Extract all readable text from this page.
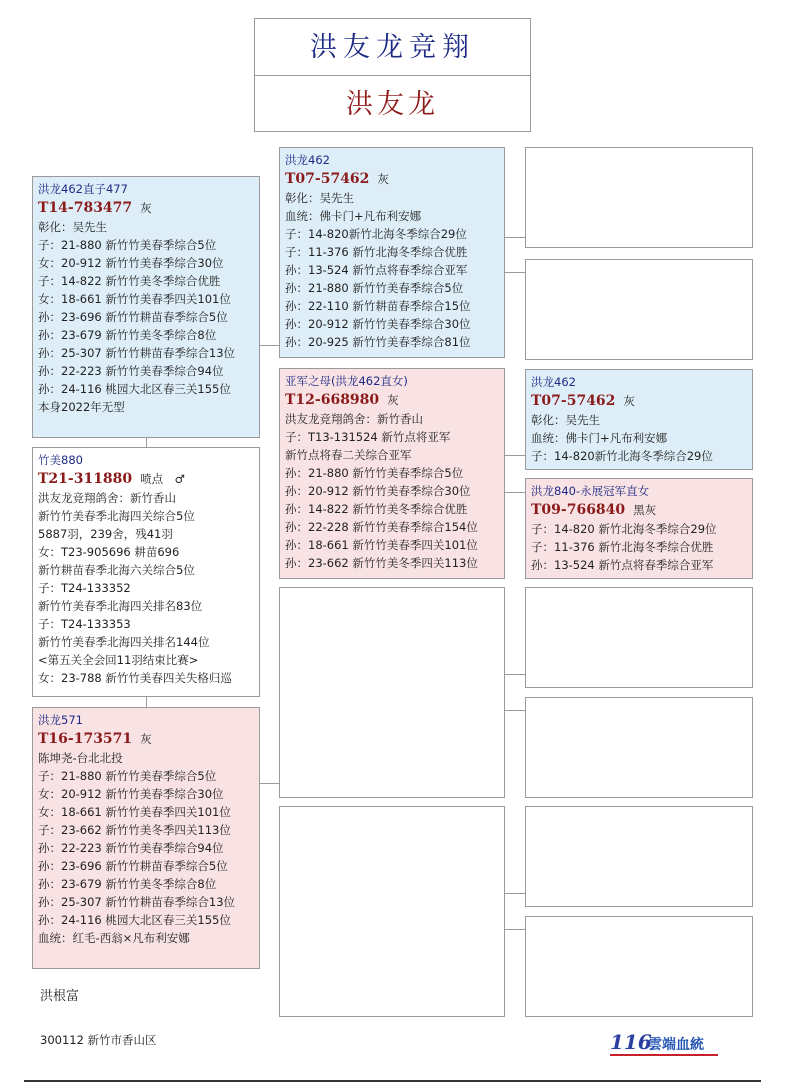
洪友龙竞翔
洪友龙
洪龙462直子477
T14-783477 灰
彰化：吴先生
子：21-880 新竹竹美春季综合5位
女：20-912 新竹竹美春季综合30位
子：14-822 新竹竹美冬季综合优胜
女：18-661 新竹竹美春季四关101位
孙：23-696 新竹竹耕苗春季综合5位
孙：23-679 新竹竹美冬季综合8位
孙：25-307 新竹竹耕苗春季综合13位
孙：22-223 新竹竹美春季综合94位
孙：24-116 桃园大北区春三关155位
本身2022年无型
竹美880
T21-311880 喷点　♂
洪友龙竞翔鸽舍：新竹香山
新竹竹美春季北海四关综合5位
5887羽，239舍，残41羽
女：T23-905696 耕苗696
新竹耕苗春季北海六关综合5位
子：T24-133352
新竹竹美春季北海四关排名83位
子：T24-133353
新竹竹美春季北海四关排名144位
<第五关全会回11羽结束比赛>
女：23-788 新竹竹美春四关失格归巡
洪龙571
T16-173571 灰
陈坤尧-台北北投
子：21-880 新竹竹美春季综合5位
女：20-912 新竹竹美春季综合30位
女：18-661 新竹竹美春季四关101位
子：23-662 新竹竹美冬季四关113位
孙：22-223 新竹竹美春季综合94位
孙：23-696 新竹竹耕苗春季综合5位
孙：23-679 新竹竹美冬季综合8位
孙：25-307 新竹竹耕苗春季综合13位
孙：24-116 桃园大北区春三关155位
血统：红毛-西翁×凡布利安娜
洪龙462
T07-57462 灰
彰化：吴先生
血统：佛卡门+凡布利安娜
子：14-820新竹北海冬季综合29位
子：11-376 新竹北海冬季综合优胜
孙：13-524 新竹点将春季综合亚军
孙：21-880 新竹竹美春季综合5位
孙：22-110 新竹耕苗春季综合15位
孙：20-912 新竹竹美春季综合30位
孙：20-925 新竹竹美春季综合81位
亚军之母(洪龙462直女)
T12-668980 灰
洪友龙竞翔鸽舍：新竹香山
子：T13-131524 新竹点将亚军
新竹点将春二关综合亚军
孙：21-880 新竹竹美春季综合5位
孙：20-912 新竹竹美春季综合30位
孙：14-822 新竹竹美冬季综合优胜
孙：22-228 新竹竹美春季综合154位
孙：18-661 新竹竹美春季四关101位
孙：23-662 新竹竹美冬季四关113位
洪龙462
T07-57462 灰
彰化：吴先生
血统：佛卡门+凡布利安娜
子：14-820新竹北海冬季综合29位
洪龙840-永展冠军直女
T09-766840 黑灰
子：14-820 新竹北海冬季综合29位
子：11-376 新竹北海冬季综合优胜
孙：13-524 新竹点将春季综合亚军
洪根富
300112 新竹市香山区	116
雲端血統
